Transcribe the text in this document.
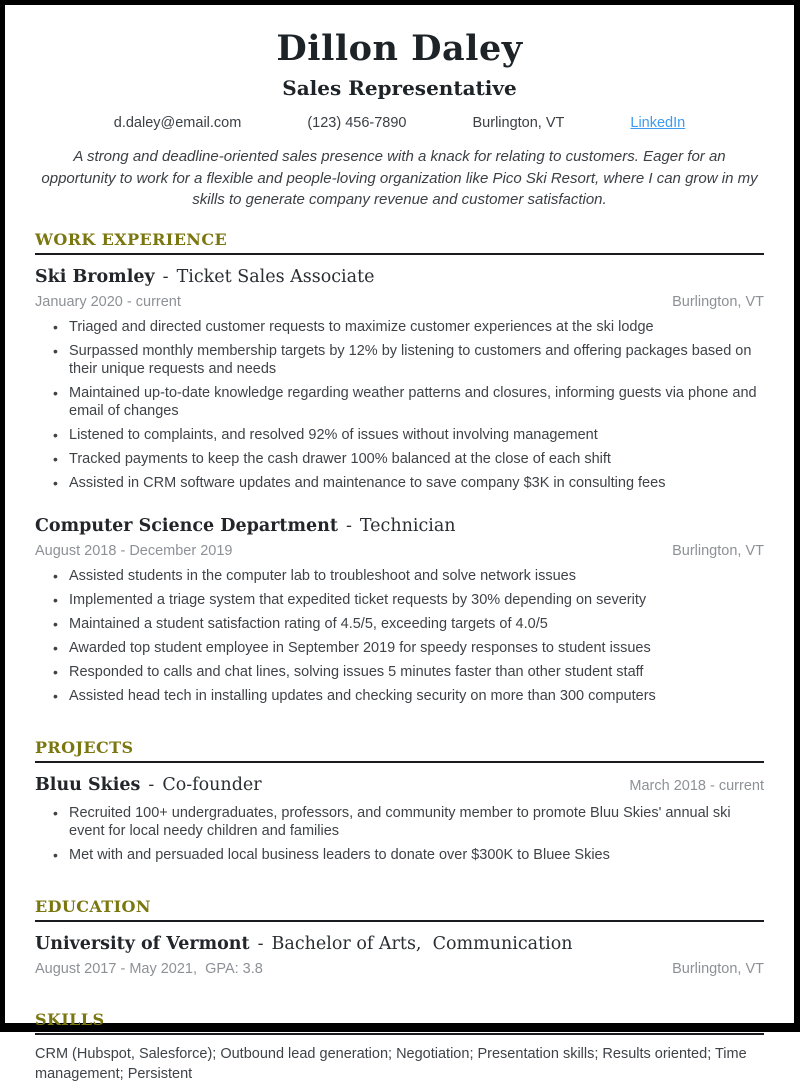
Dillon Daley
Sales Representative
d.daley@email.com	(123) 456-7890	Burlington, VT	LinkedIn

A strong and deadline-oriented sales presence with a knack for relating to customers. Eager for an opportunity to work for a flexible and people-loving organization like Pico Ski Resort, where I can grow in my skills to generate company revenue and customer satisfaction.

WORK EXPERIENCE
Ski Bromley - Ticket Sales Associate
January 2020 - current	Burlington, VT
• Triaged and directed customer requests to maximize customer experiences at the ski lodge
• Surpassed monthly membership targets by 12% by listening to customers and offering packages based on their unique requests and needs
• Maintained up-to-date knowledge regarding weather patterns and closures, informing guests via phone and email of changes
• Listened to complaints, and resolved 92% of issues without involving management
• Tracked payments to keep the cash drawer 100% balanced at the close of each shift
• Assisted in CRM software updates and maintenance to save company $3K in consulting fees
Computer Science Department - Technician
August 2018 - December 2019	Burlington, VT
• Assisted students in the computer lab to troubleshoot and solve network issues
• Implemented a triage system that expedited ticket requests by 30% depending on severity
• Maintained a student satisfaction rating of 4.5/5, exceeding targets of 4.0/5
• Awarded top student employee in September 2019 for speedy responses to student issues
• Responded to calls and chat lines, solving issues 5 minutes faster than other student staff
• Assisted head tech in installing updates and checking security on more than 300 computers
PROJECTS
Bluu Skies - Co-founder	March 2018 - current
• Recruited 100+ undergraduates, professors, and community member to promote Bluu Skies' annual ski event for local needy children and families
• Met with and persuaded local business leaders to donate over $300K to Bluee Skies
EDUCATION
University of Vermont - Bachelor of Arts,  Communication
August 2017 - May 2021,  GPA: 3.8	Burlington, VT
SKILLS

CRM (Hubspot, Salesforce); Outbound lead generation; Negotiation; Presentation skills; Results oriented; Time management; Persistent
